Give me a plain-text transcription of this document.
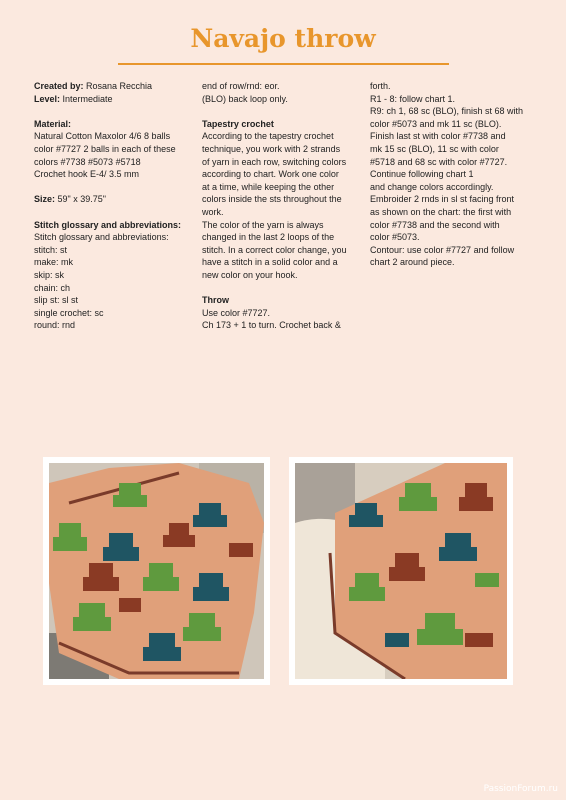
Navajo throw

Created by: Rosana Recchia

Level: Intermediate

Material:

Natural Cotton Maxolor 4/6 8 balls

color #7727 2 balls in each of these

colors #7738 #5073 #5718

Crochet hook E-4/ 3.5 mm

Size: 59" x 39.75"

Stitch glossary and abbreviations:

Stitch glossary and abbreviations:

stitch: st

make: mk

skip: sk

chain: ch

slip st: sl st

single crochet: sc

round: rnd

end of row/rnd: eor.

(BLO) back loop only.

Tapestry crochet

According to the tapestry crochet

technique, you work with 2 strands

of yarn in each row, switching colors

according to chart. Work one color

at a time, while keeping the other

colors inside the sts throughout the

work.

The color of the yarn is always

changed in the last 2 loops of the

stitch. In a correct color change, you

have a stitch in a solid color and a

new color on your hook.

Throw

Use color #7727.

Ch 173 + 1 to turn. Crochet back &

forth.

R1 - 8: follow chart 1.

R9: ch 1, 68 sc (BLO), finish st 68 with

color #5073 and mk 11 sc (BLO).

Finish last st with color #7738 and

mk 15 sc (BLO), 11 sc with color

#5718 and 68 sc with color #7727.

Continue following chart 1

and change colors accordingly.

Embroider 2 rnds in sl st facing front

as shown on the chart: the first with

color #7738 and the second with

color #5073.

Contour: use color #7727 and follow

chart 2 around piece.

PassionForum.ru
